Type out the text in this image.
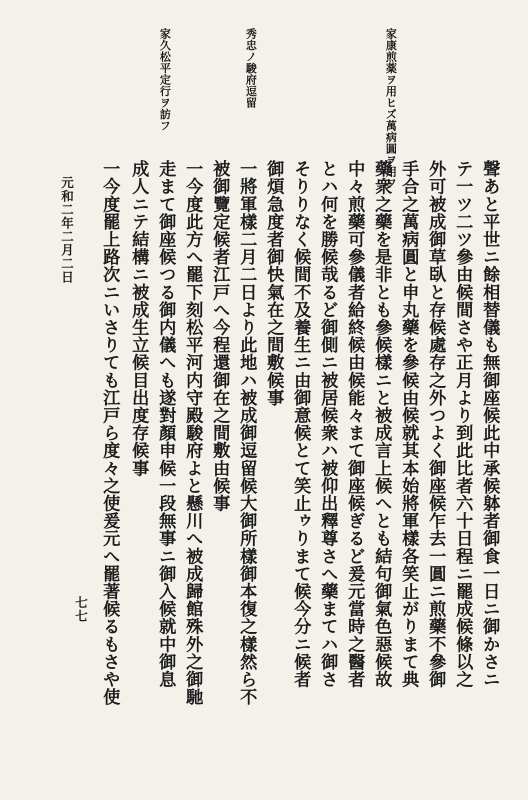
家康煎薬ヲ用ヒズ萬病圓ヲ用フ
秀忠ノ駿府逗留
家久松平定行ヲ訪フ
聲あと平世ニ餘相替儀も無御座候此中承候躰者御食一日ニ御かさニ
テ一ツ二ツ參由候間さや正月より到此比者六十日程ニ罷成候條以之
外可被成御草臥と存候處存之外つよく御座候乍去一圓ニ煎藥不參御
手合之萬病圓と申丸藥を參候由候就其本始將軍樣各笑止がりまて典
藥衆之藥を是非とも參候樣ニと被成言上候へとも結句御氣色惡候故
中々煎藥可參儀者給終候由候能々まて御座候ぎるど爰元當時之醫者
とハ何を勝候哉るど御側ニ被居候衆ハ被仰出釋尊さへ藥まてハ御さ
そりりなく候間不及養生ニ由御意候とて笑止ゥりまて候今分ニ候者
御煩急度者御快氣在之間敷候事
一將軍樣二月二日より此地ハ被成御逗留候大御所樣御本復之樣然ら不
被御覽定候者江戸へ今程還御在之間敷由候事
一今度此方へ罷下刻松平河内守殿駿府よと懸川へ被成歸館殊外之御馳
走まて御座候つる御内儀へも遂對顏申候一段無事ニ御入候就中御息
成人ニテ結構ニ被成生立候目出度存候事
一今度罷上路次ニいさりても江戸ら度々之使爰元へ罷著候るもさや使
元和二年二月二日
七七
